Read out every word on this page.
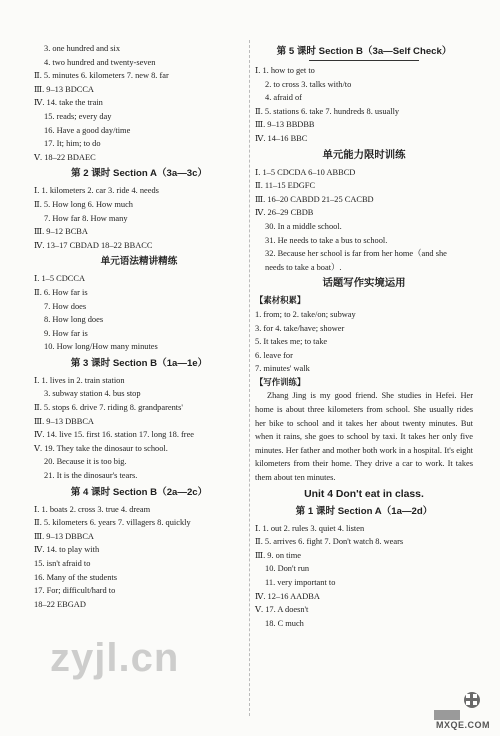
3. one hundred and six
4. two hundred and twenty-seven
Ⅱ. 5. minutes 6. kilometers 7. new 8. far
Ⅲ. 9–13 BDCCA
Ⅳ. 14. take the train
15. reads; every day
16. Have a good day/time
17. It; him; to do
Ⅴ. 18–22 BDAEC
第 2 课时 Section A（3a—3c）
Ⅰ. 1. kilometers 2. car 3. ride 4. needs
Ⅱ. 5. How long 6. How much
7. How far 8. How many
Ⅲ. 9–12 BCBA
Ⅳ. 13–17 CBDAD 18–22 BBACC
单元语法精讲精练
Ⅰ. 1–5 CDCCA
Ⅱ. 6. How far is
7. How does
8. How long does
9. How far is
10. How long/How many minutes
第 3 课时 Section B（1a—1e）
Ⅰ. 1. lives in 2. train station
3. subway station 4. bus stop
Ⅱ. 5. stops 6. drive 7. riding 8. grandparents'
Ⅲ. 9–13 DBBCA
Ⅳ. 14. live 15. first 16. station 17. long 18. free
Ⅴ. 19. They take the dinosaur to school.
20. Because it is too big.
21. It is the dinosaur's tears.
第 4 课时 Section B（2a—2c）
Ⅰ. 1. boats 2. cross 3. true 4. dream
Ⅱ. 5. kilometers 6. years 7. villagers 8. quickly
Ⅲ. 9–13 DBBCA
Ⅳ. 14. to play with
15. isn't afraid to
16. Many of the students
17. For; difficult/hard to
18–22 EBGAD
第 5 课时 Section B（3a—Self Check）
Ⅰ. 1. how to get to
2. to cross 3. talks with/to
4. afraid of
Ⅱ. 5. stations 6. take 7. hundreds 8. usually
Ⅲ. 9–13 BBDBB
Ⅳ. 14–16 BBC
单元能力限时训练
Ⅰ. 1–5 CDCDA 6–10 ABBCD
Ⅱ. 11–15 EDGFC
Ⅲ. 16–20 CABDD 21–25 CACBD
Ⅳ. 26–29 CBDB
30. In a middle school.
31. He needs to take a bus to school.
32. Because her school is far from her home（and she
needs to take a boat）.
话题写作实境运用
【素材积累】
1. from; to 2. take/on; subway
3. for 4. take/have; shower
5. It takes me; to take
6. leave for
7. minutes' walk
【写作训练】
Zhang Jing is my good friend. She studies in Hefei. Her home is about three kilometers from school. She usually rides her bike to school and it takes her about twenty minutes. But when it rains, she goes to school by taxi. It takes her only five minutes. Her father and mother both work in a hospital. It's eight kilometers from their home. They drive a car to work. It takes them about ten minutes.
Unit 4 Don't eat in class.
第 1 课时 Section A（1a—2d）
Ⅰ. 1. out 2. rules 3. quiet 4. listen
Ⅱ. 5. arrives 6. fight 7. Don't watch 8. wears
Ⅲ. 9. on time
10. Don't run
11. very important to
Ⅳ. 12–16 AADBA
Ⅴ. 17. A doesn't
18. C much
zyjl.cn
MXQE.COM
